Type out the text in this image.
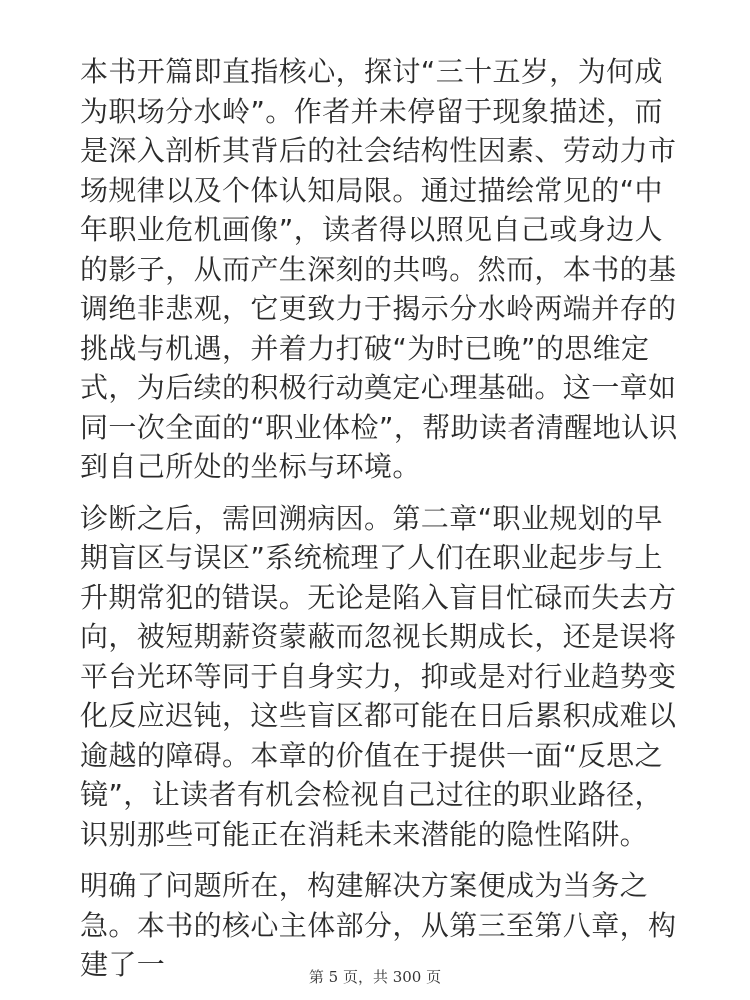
本书开篇即直指核心，探讨“三十五岁，为何成为职场分水岭”。作者并未停留于现象描述，而是深入剖析其背后的社会结构性因素、劳动力市场规律以及个体认知局限。通过描绘常见的“中年职业危机画像”，读者得以照见自己或身边人的影子，从而产生深刻的共鸣。然而，本书的基调绝非悲观，它更致力于揭示分水岭两端并存的挑战与机遇，并着力打破“为时已晚”的思维定式，为后续的积极行动奠定心理基础。这一章如同一次全面的“职业体检”，帮助读者清醒地认识到自己所处的坐标与环境。

诊断之后，需回溯病因。第二章“职业规划的早期盲区与误区”系统梳理了人们在职业起步与上升期常犯的错误。无论是陷入盲目忙碌而失去方向，被短期薪资蒙蔽而忽视长期成长，还是误将平台光环等同于自身实力，抑或是对行业趋势变化反应迟钝，这些盲区都可能在日后累积成难以逾越的障碍。本章的价值在于提供一面“反思之镜”，让读者有机会检视自己过往的职业路径，识别那些可能正在消耗未来潜能的隐性陷阱。

明确了问题所在，构建解决方案便成为当务之急。本书的核心主体部分，从第三至第八章，构建了一	第 5 页，共 300 页
